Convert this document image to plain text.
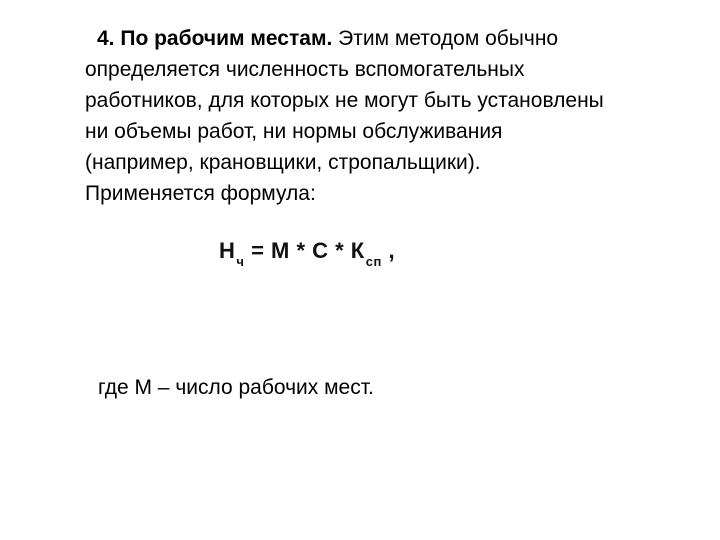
4. По рабочим местам. Этим методом обычно
определяется численность вспомогательных
работников, для которых не могут быть установлены
ни объемы работ, ни нормы обслуживания
(например, крановщики, стропальщики).
Применяется формула:
$Н_ч = М * С * К_{сп}$ ,
где М – число рабочих мест.
